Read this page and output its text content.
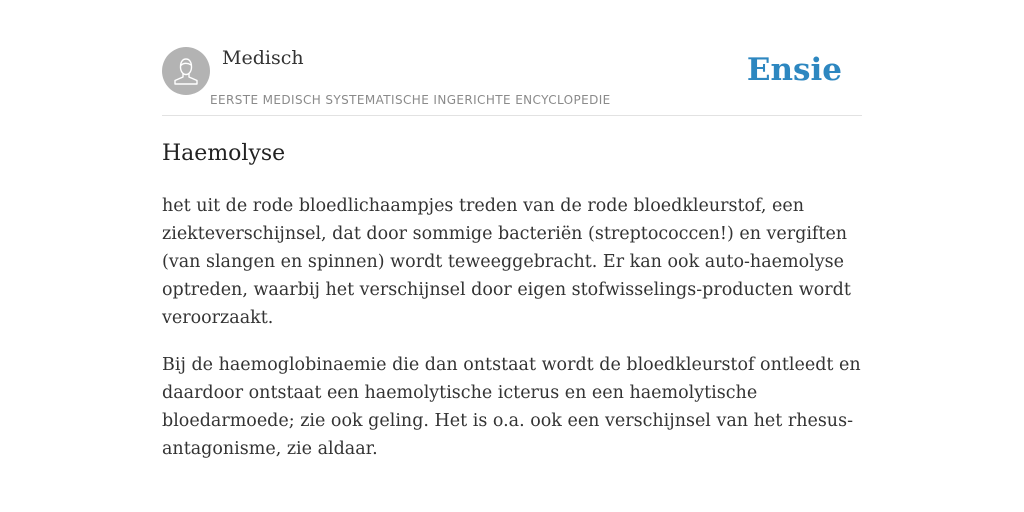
Medisch
EERSTE MEDISCH SYSTEMATISCHE INGERICHTE ENCYCLOPEDIE
Ensie
Haemolyse

het uit de rode bloedlichaampjes treden van de rode bloedkleurstof, een ziekteverschijnsel, dat door sommige bacteriën (streptococcen!) en vergiften (van slangen en spinnen) wordt teweeggebracht. Er kan ook auto-haemolyse optreden, waarbij het verschijnsel door eigen stofwisselings-producten wordt veroorzaakt.

Bij de haemoglobinaemie die dan ontstaat wordt de bloedkleurstof ontleedt en daardoor ontstaat een haemolytische icterus en een haemolytische bloedarmoede; zie ook geling. Het is o.a. ook een verschijnsel van het rhesus-antagonisme, zie aldaar.
